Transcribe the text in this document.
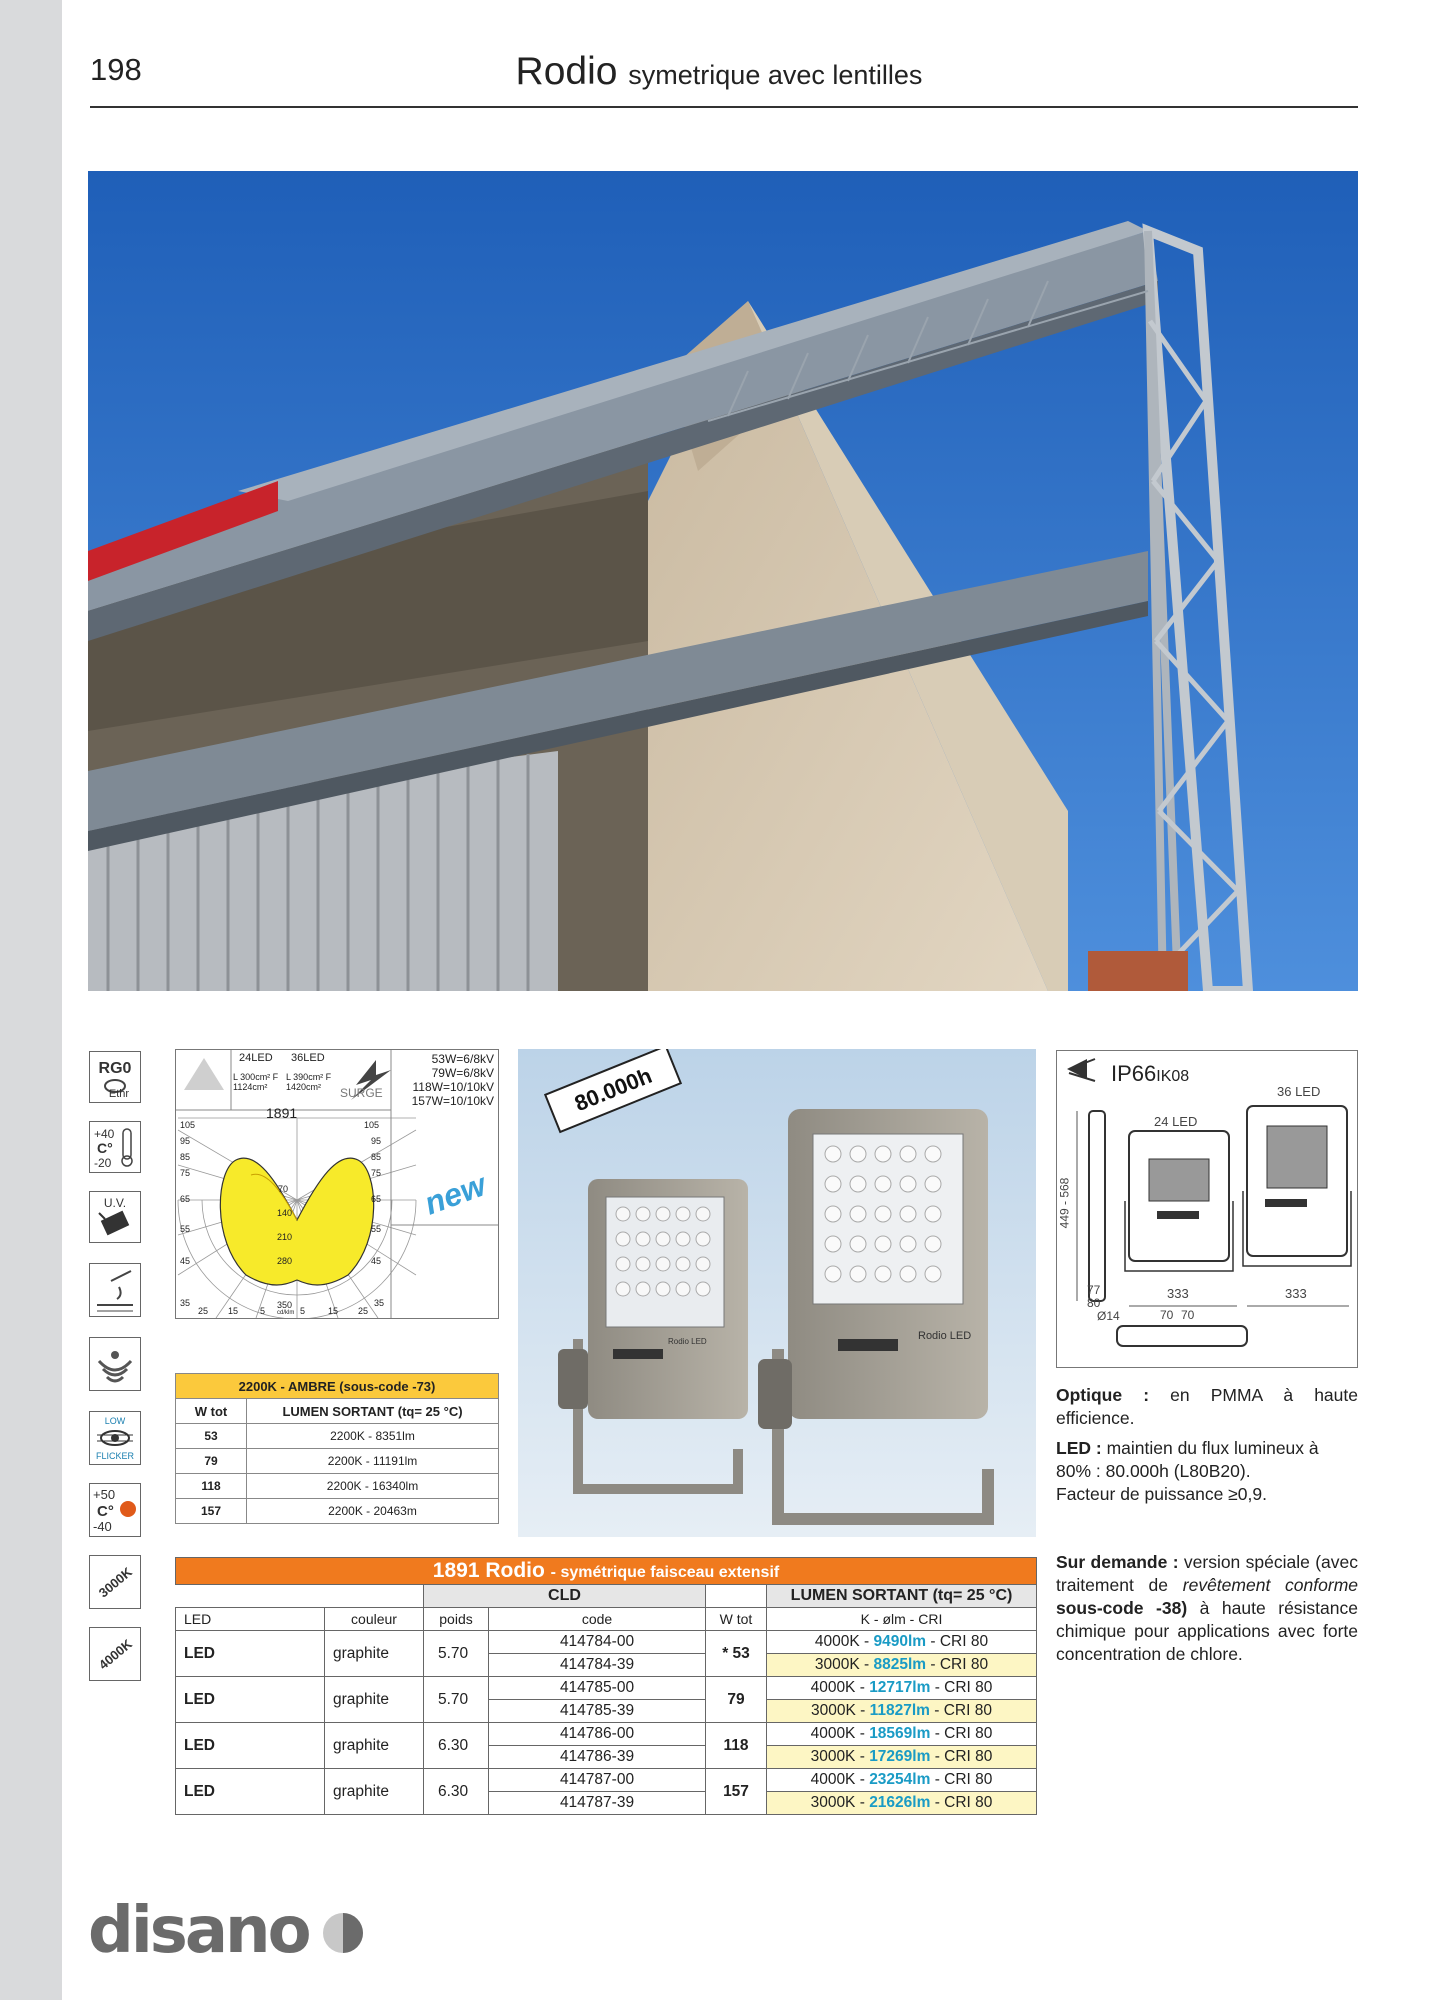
198	Rodio symetrique avec lentilles
RG0
Ethr
+40
C°
-20
U.V.
LOW
FLICKER
+50
C°
-40
3000K
4000K
new
24LED 36LED
L 300cm² F 1124cm²
L 390cm² F 1420cm²	SURGE
53W=6/8kV
79W=6/8kV
118W=10/10kV
157W=10/10kV
1891
105
95
85
75
65
55
45
35
25 15 5
105
95
85
75
65
55
45
35
25
15
5
70
140
210
280
350
cd/klm
2200K - AMBRE (sous-code -73)	
W tot	LUMEN SORTANT (tq= 25 °C)
53	2200K - 8351lm
79	2200K - 11191lm
118	2200K - 16340lm
157	2200K - 20463m
80.000h
Rodio LED	Rodio LED
IP66IK08
36 LED
24 LED
449 - 568
77
80
333	333
Ø14	70 70
Optique : en PMMA à haute efficience.
LED : maintien du flux lumineux à 80% : 80.000h (L80B20).
Facteur de puissance ≥0,9.
Sur demande : version spéciale (avec traitement de revêtement conforme sous-code -38) à haute résistance chimique pour applications avec forte concentration de chlore.
1891 Rodio - symétrique faisceau extensif					
		CLD			LUMEN SORTANT (tq= 25 °C)
LED	couleur	poids	code	W tot	K - ølm - CRI
LED	graphite	5.70	414784-00	* 53	4000K - 9490lm - CRI 80
			414784-39		3000K - 8825lm - CRI 80
LED	graphite	5.70	414785-00	79	4000K - 12717lm - CRI 80
			414785-39		3000K - 11827lm - CRI 80
LED	graphite	6.30	414786-00	118	4000K - 18569lm - CRI 80
			414786-39		3000K - 17269lm - CRI 80
LED	graphite	6.30	414787-00	157	4000K - 23254lm - CRI 80
			414787-39		3000K - 21626lm - CRI 80
disano
